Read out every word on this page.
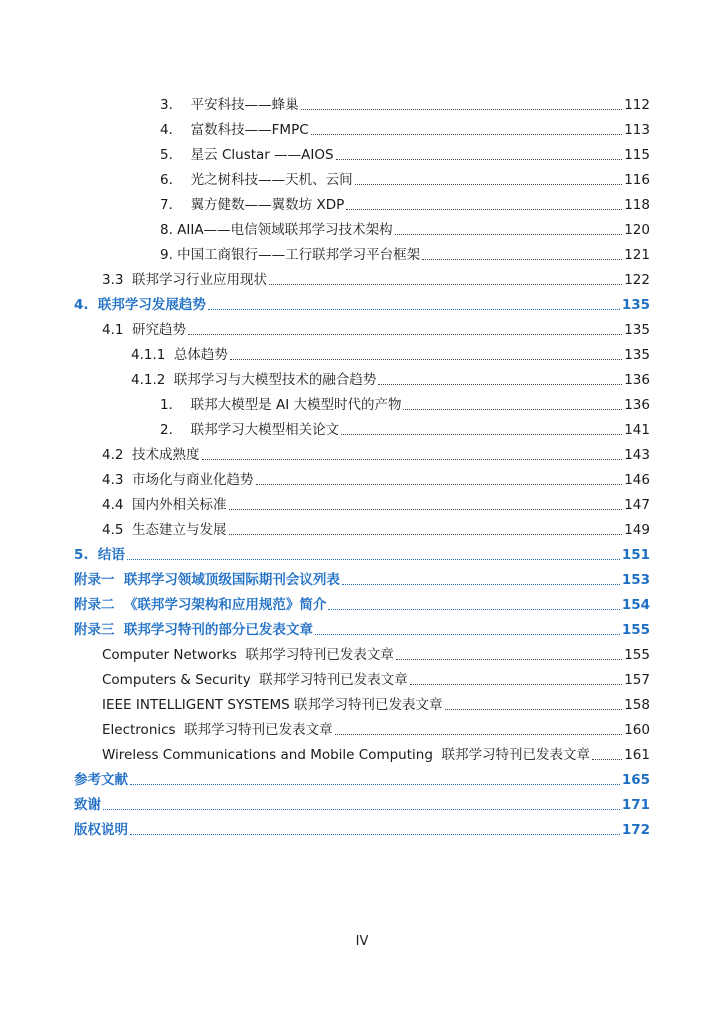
3．  平安科技——蜂巢	112
4．  富数科技——FMPC	113
5．  星云 Clustar ——AIOS	115
6．  光之树科技——天机、云间	116
7．  翼方健数——翼数坊 XDP	118
8. AIIA——电信领域联邦学习技术架构	120
9. 中国工商银行——工行联邦学习平台框架	121
3.3  联邦学习行业应用现状	122
4.  联邦学习发展趋势	135
4.1  研究趋势	135
4.1.1  总体趋势	135
4.1.2  联邦学习与大模型技术的融合趋势	136
1．  联邦大模型是 AI 大模型时代的产物	136
2．  联邦学习大模型相关论文	141
4.2  技术成熟度	143
4.3  市场化与商业化趋势	146
4.4  国内外相关标准	147
4.5  生态建立与发展	149
5.  结语	151
附录一  联邦学习领域顶级国际期刊会议列表	153
附录二  《联邦学习架构和应用规范》简介	154
附录三  联邦学习特刊的部分已发表文章	155
Computer Networks  联邦学习特刊已发表文章	155
Computers & Security  联邦学习特刊已发表文章	157
IEEE INTELLIGENT SYSTEMS 联邦学习特刊已发表文章	158
Electronics  联邦学习特刊已发表文章	160
Wireless Communications and Mobile Computing  联邦学习特刊已发表文章	161
参考文献	165
致谢	171
版权说明	172
IV
